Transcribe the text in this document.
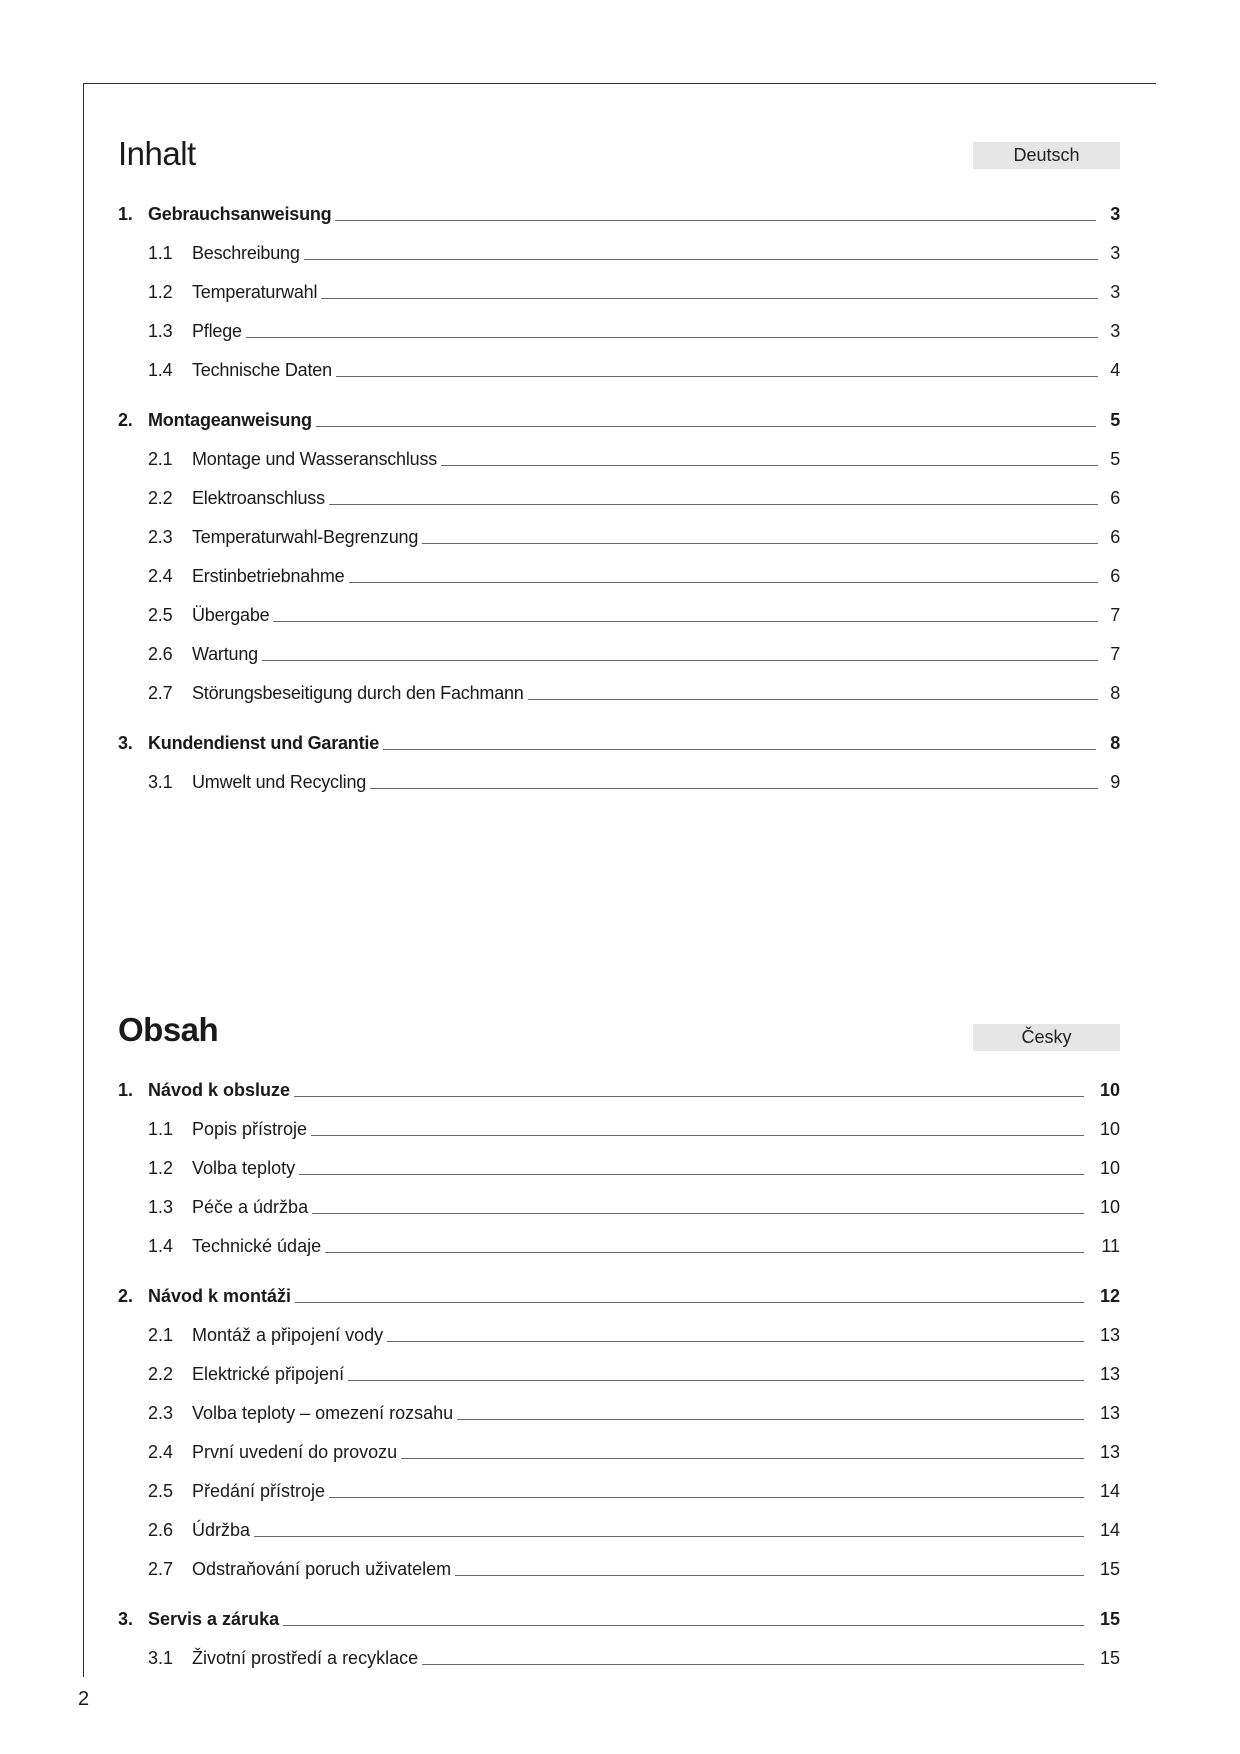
Inhalt	Deutsch
1. Gebrauchsanweisung	3
1.1	Beschreibung	3
1.2	Temperaturwahl	3
1.3	Pflege	3
1.4	Technische Daten	4
2. Montageanweisung	5
2.1	Montage und Wasseranschluss	5
2.2	Elektroanschluss	6
2.3	Temperaturwahl-Begrenzung	6
2.4	Erstinbetriebnahme	6
2.5	Übergabe	7
2.6	Wartung	7
2.7	Störungsbeseitigung durch den Fachmann	8
3. Kundendienst und Garantie	8
3.1	Umwelt und Recycling	9
Obsah	Česky
1. Návod k obsluze	10
1.1	Popis přístroje	10
1.2	Volba teploty	10
1.3	Péče a údržba	10
1.4	Technické údaje	11
2. Návod k montáži	12
2.1	Montáž a připojení vody	13
2.2	Elektrické připojení	13
2.3	Volba teploty – omezení rozsahu	13
2.4	První uvedení do provozu	13
2.5	Předání přístroje	14
2.6	Údržba	14
2.7	Odstraňování poruch uživatelem	15
3. Servis a záruka	15
3.1	Životní prostředí a recyklace	15
2
